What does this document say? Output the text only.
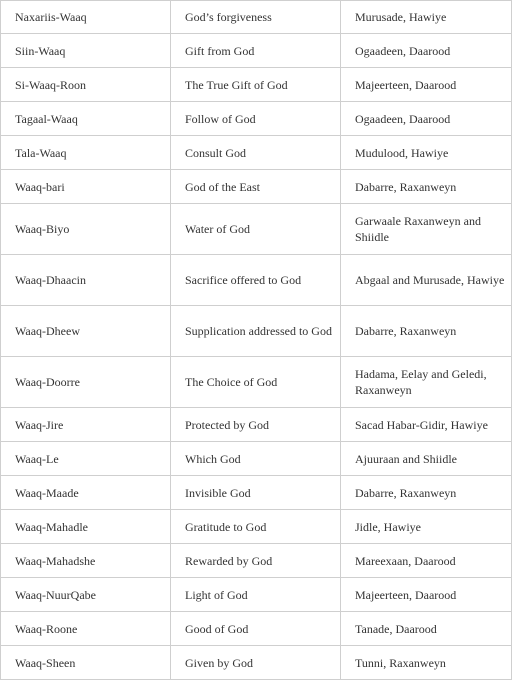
Naxariis-Waaq	God’s forgiveness	Murusade, Hawiye
Siin-Waaq	Gift from God	Ogaadeen, Daarood
Si-Waaq-Roon	The True Gift of God	Majeerteen, Daarood
Tagaal-Waaq	Follow of God	Ogaadeen, Daarood
Tala-Waaq	Consult God	Mudulood, Hawiye
Waaq-bari	God of the East	Dabarre, Raxanweyn
Waaq-Biyo	Water of God	Garwaale Raxanweyn and Shiidle
Waaq-Dhaacin	Sacrifice offered to God	Abgaal and Murusade, Hawiye
Waaq-Dheew	Supplication addressed to God	Dabarre, Raxanweyn
Waaq-Doorre	The Choice of God	Hadama, Eelay and Geledi, Raxanweyn
Waaq-Jire	Protected by God	Sacad Habar-Gidir, Hawiye
Waaq-Le	Which God	Ajuuraan and Shiidle
Waaq-Maade	Invisible God	Dabarre, Raxanweyn
Waaq-Mahadle	Gratitude to God	Jidle, Hawiye
Waaq-Mahadshe	Rewarded by God	Mareexaan, Daarood
Waaq-NuurQabe	Light of God	Majeerteen, Daarood
Waaq-Roone	Good of God	Tanade, Daarood
Waaq-Sheen	Given by God	Tunni, Raxanweyn
